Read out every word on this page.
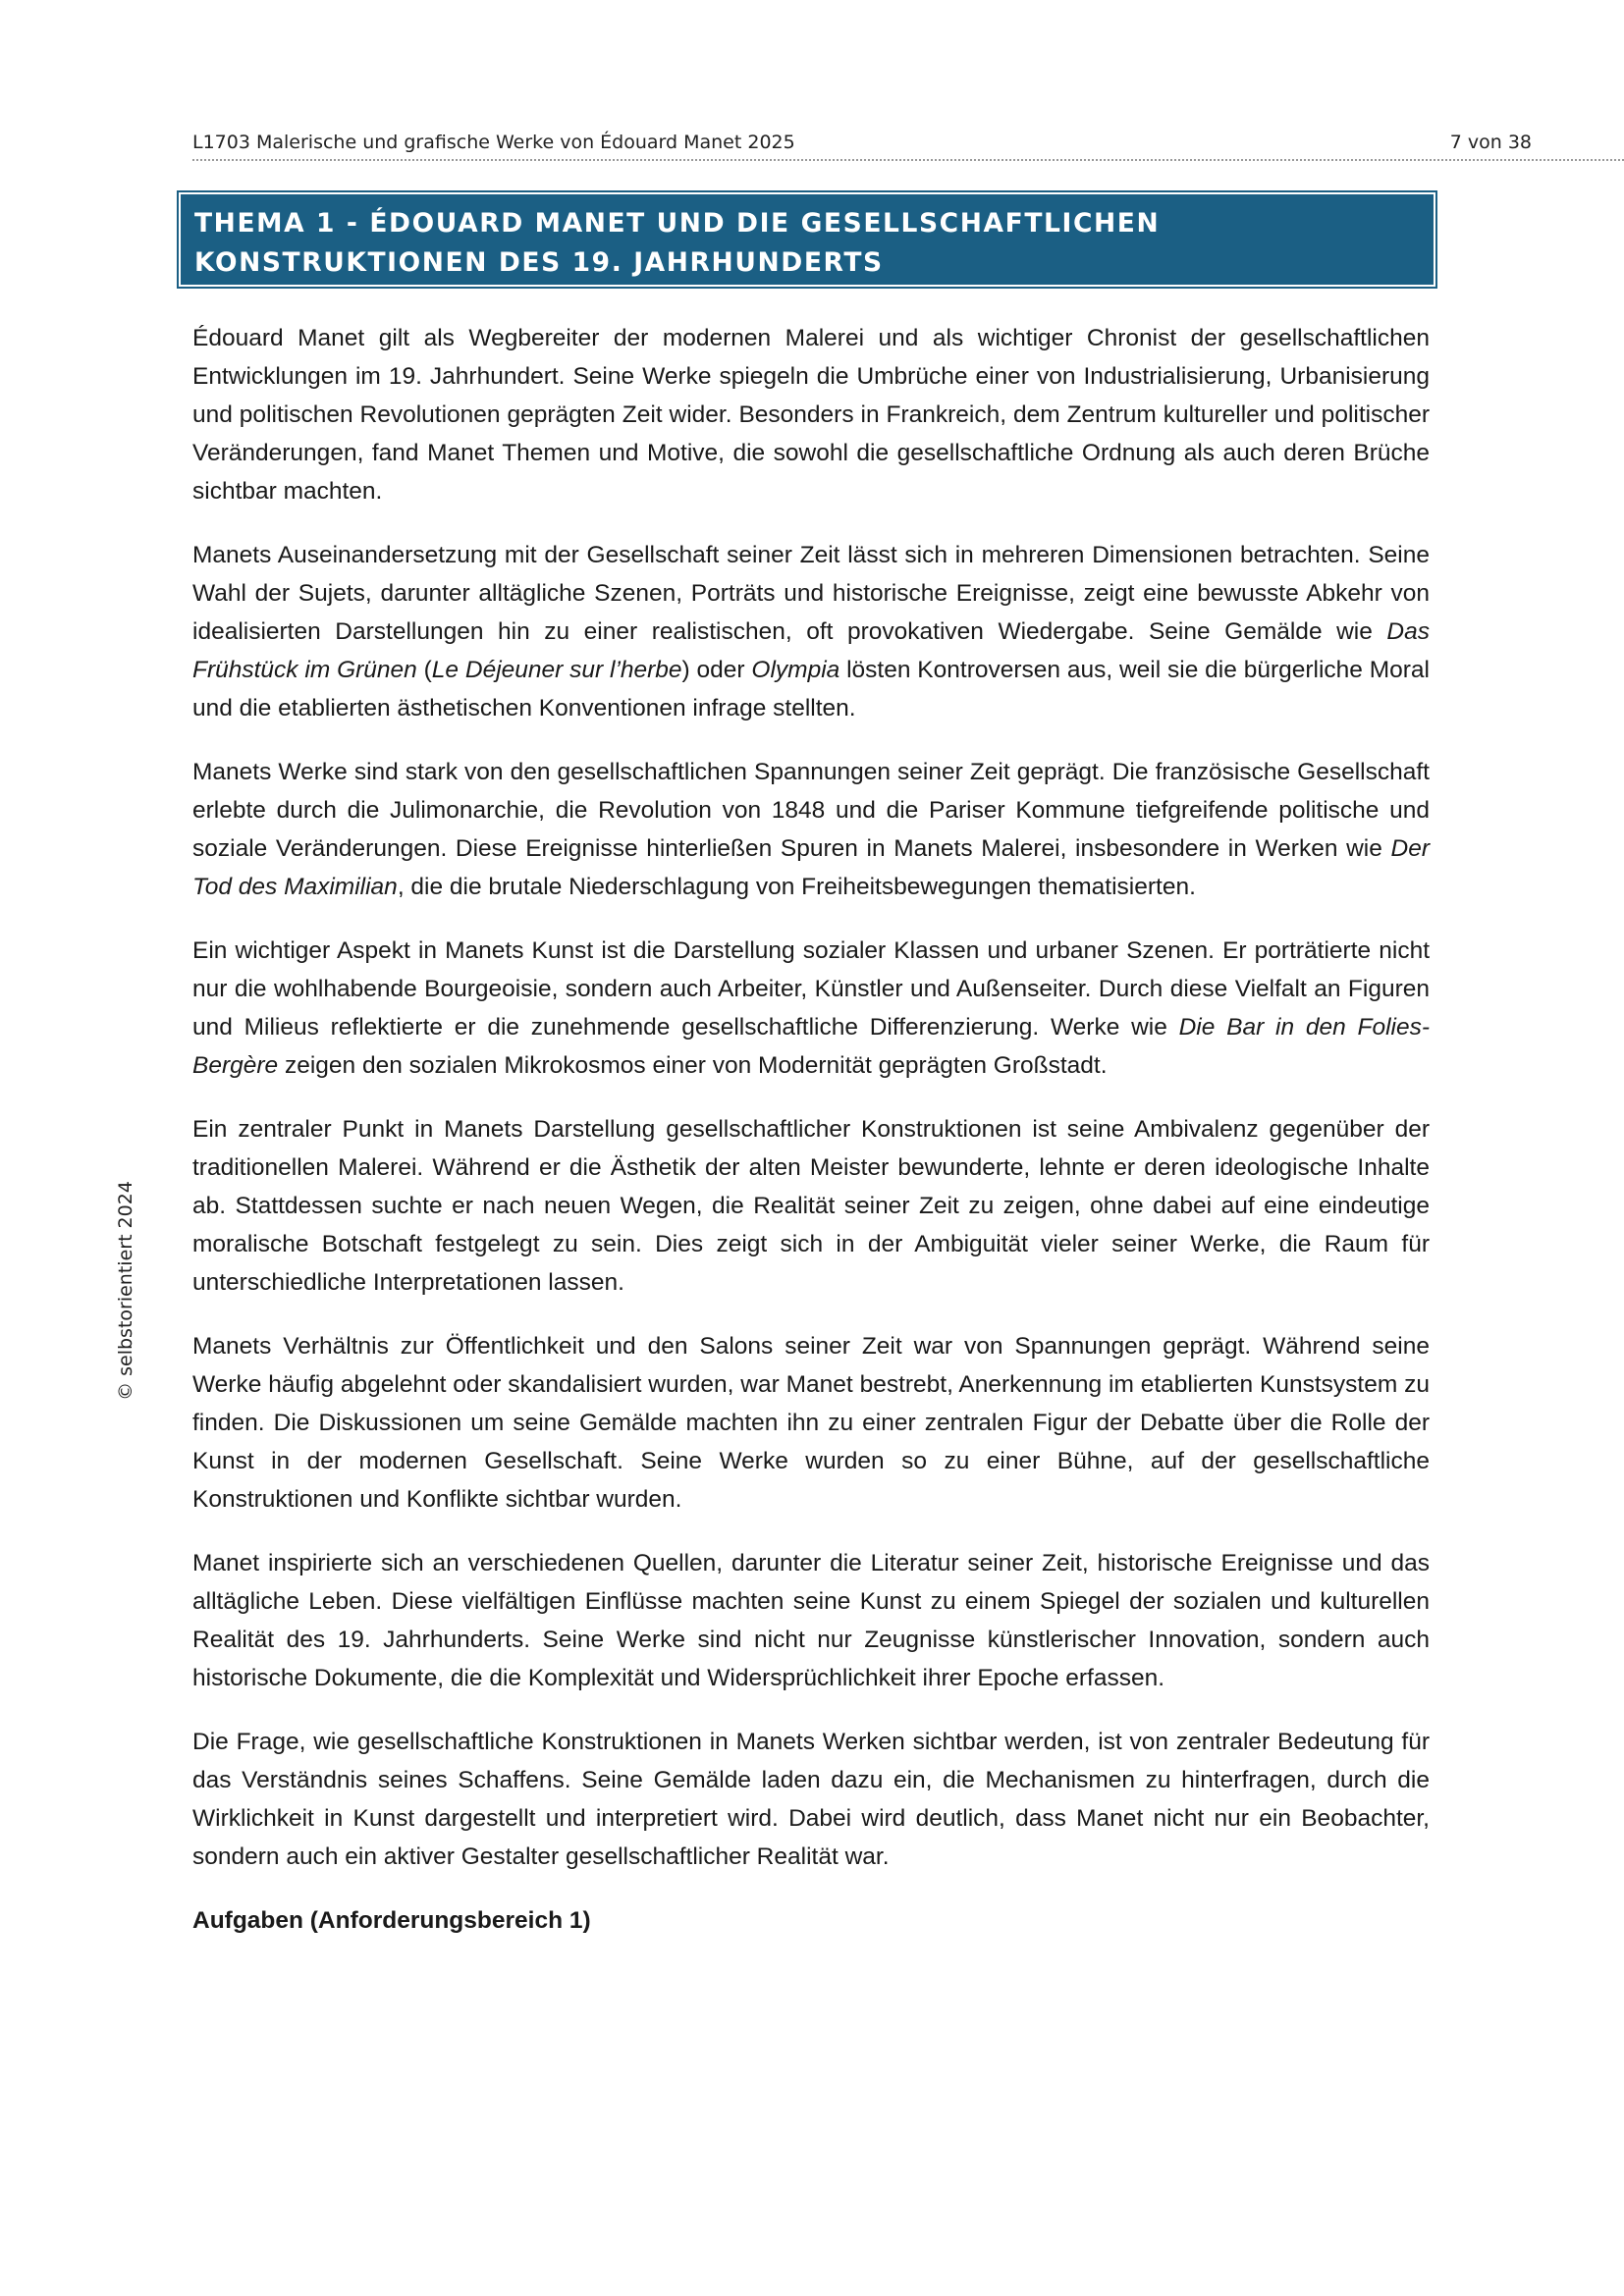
L1703 Malerische und grafische Werke von Édouard Manet 2025	7 von 38
© selbstorientiert 2024
THEMA 1 - ÉDOUARD MANET UND DIE GESELLSCHAFTLICHEN KONSTRUKTIONEN DES 19. JAHRHUNDERTS

Édouard Manet gilt als Wegbereiter der modernen Malerei und als wichtiger Chronist der gesellschaftlichen Entwicklungen im 19. Jahrhundert. Seine Werke spiegeln die Umbrüche einer von Industrialisierung, Urbanisierung und politischen Revolutionen geprägten Zeit wider. Besonders in Frankreich, dem Zentrum kultureller und politischer Veränderungen, fand Manet Themen und Motive, die sowohl die gesellschaftliche Ordnung als auch deren Brüche sichtbar machten.

Manets Auseinandersetzung mit der Gesellschaft seiner Zeit lässt sich in mehreren Dimensionen betrachten. Seine Wahl der Sujets, darunter alltägliche Szenen, Porträts und historische Ereignisse, zeigt eine bewusste Abkehr von idealisierten Darstellungen hin zu einer realistischen, oft provokativen Wiedergabe. Seine Gemälde wie Das Frühstück im Grünen (Le Déjeuner sur l’herbe) oder Olympia lösten Kontroversen aus, weil sie die bürgerliche Moral und die etablierten ästhetischen Konventionen infrage stellten.

Manets Werke sind stark von den gesellschaftlichen Spannungen seiner Zeit geprägt. Die französische Gesellschaft erlebte durch die Julimonarchie, die Revolution von 1848 und die Pariser Kommune tiefgreifende politische und soziale Veränderungen. Diese Ereignisse hinterließen Spuren in Manets Malerei, insbesondere in Werken wie Der Tod des Maximilian, die die brutale Niederschlagung von Freiheitsbewegungen thematisierten.

Ein wichtiger Aspekt in Manets Kunst ist die Darstellung sozialer Klassen und urbaner Szenen. Er porträtierte nicht nur die wohlhabende Bourgeoisie, sondern auch Arbeiter, Künstler und Außenseiter. Durch diese Vielfalt an Figuren und Milieus reflektierte er die zunehmende gesellschaftliche Differenzierung. Werke wie Die Bar in den Folies-Bergère zeigen den sozialen Mikrokosmos einer von Modernität geprägten Großstadt.

Ein zentraler Punkt in Manets Darstellung gesellschaftlicher Konstruktionen ist seine Ambivalenz gegenüber der traditionellen Malerei. Während er die Ästhetik der alten Meister bewunderte, lehnte er deren ideologische Inhalte ab. Stattdessen suchte er nach neuen Wegen, die Realität seiner Zeit zu zeigen, ohne dabei auf eine eindeutige moralische Botschaft festgelegt zu sein. Dies zeigt sich in der Ambiguität vieler seiner Werke, die Raum für unterschiedliche Interpretationen lassen.

Manets Verhältnis zur Öffentlichkeit und den Salons seiner Zeit war von Spannungen geprägt. Während seine Werke häufig abgelehnt oder skandalisiert wurden, war Manet bestrebt, Anerkennung im etablierten Kunstsystem zu finden. Die Diskussionen um seine Gemälde machten ihn zu einer zentralen Figur der Debatte über die Rolle der Kunst in der modernen Gesellschaft. Seine Werke wurden so zu einer Bühne, auf der gesellschaftliche Konstruktionen und Konflikte sichtbar wurden.

Manet inspirierte sich an verschiedenen Quellen, darunter die Literatur seiner Zeit, historische Ereignisse und das alltägliche Leben. Diese vielfältigen Einflüsse machten seine Kunst zu einem Spiegel der sozialen und kulturellen Realität des 19. Jahrhunderts. Seine Werke sind nicht nur Zeugnisse künstlerischer Innovation, sondern auch historische Dokumente, die die Komplexität und Widersprüchlichkeit ihrer Epoche erfassen.

Die Frage, wie gesellschaftliche Konstruktionen in Manets Werken sichtbar werden, ist von zentraler Bedeutung für das Verständnis seines Schaffens. Seine Gemälde laden dazu ein, die Mechanismen zu hinterfragen, durch die Wirklichkeit in Kunst dargestellt und interpretiert wird. Dabei wird deutlich, dass Manet nicht nur ein Beobachter, sondern auch ein aktiver Gestalter gesellschaftlicher Realität war.

Aufgaben (Anforderungsbereich 1)
